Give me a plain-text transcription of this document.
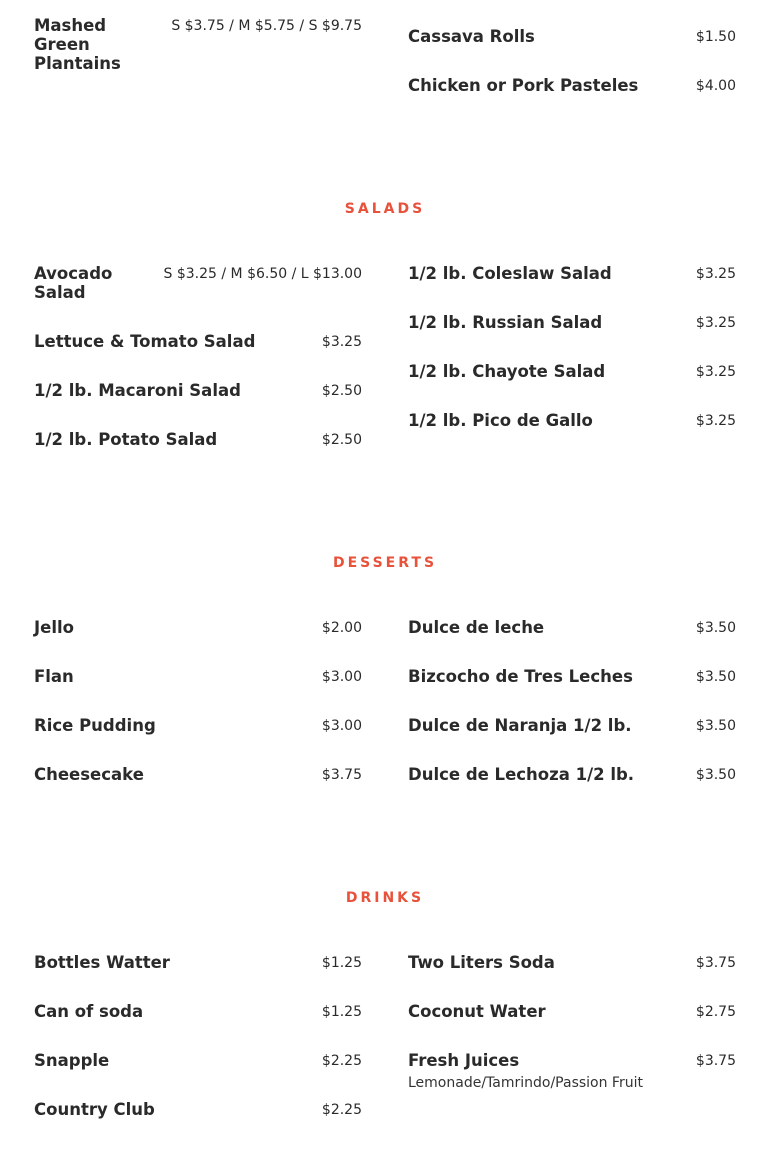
Mashed Green Plantains
S $3.75 / M $5.75 / S $9.75
Cassava Rolls	$1.50
Chicken or Pork Pasteles	$4.00
SALADS
Avocado Salad
S $3.25 / M $6.50 / L $13.00
Lettuce & Tomato Salad	$3.25
1/2 lb. Macaroni Salad	$2.50
1/2 lb. Potato Salad	$2.50
1/2 lb. Coleslaw Salad	$3.25
1/2 lb. Russian Salad	$3.25
1/2 lb. Chayote Salad	$3.25
1/2 lb. Pico de Gallo	$3.25
DESSERTS
Jello	$2.00
Flan	$3.00
Rice Pudding	$3.00
Cheesecake	$3.75
Dulce de leche	$3.50
Bizcocho de Tres Leches	$3.50
Dulce de Naranja 1/2 lb.	$3.50
Dulce de Lechoza 1/2 lb.	$3.50
DRINKS
Bottles Watter	$1.25
Can of soda	$1.25
Snapple	$2.25
Country Club	$2.25
Two Liters Soda	$3.75
Coconut Water	$2.75
Fresh Juices	$3.75
Lemonade/Tamrindo/Passion Fruit
